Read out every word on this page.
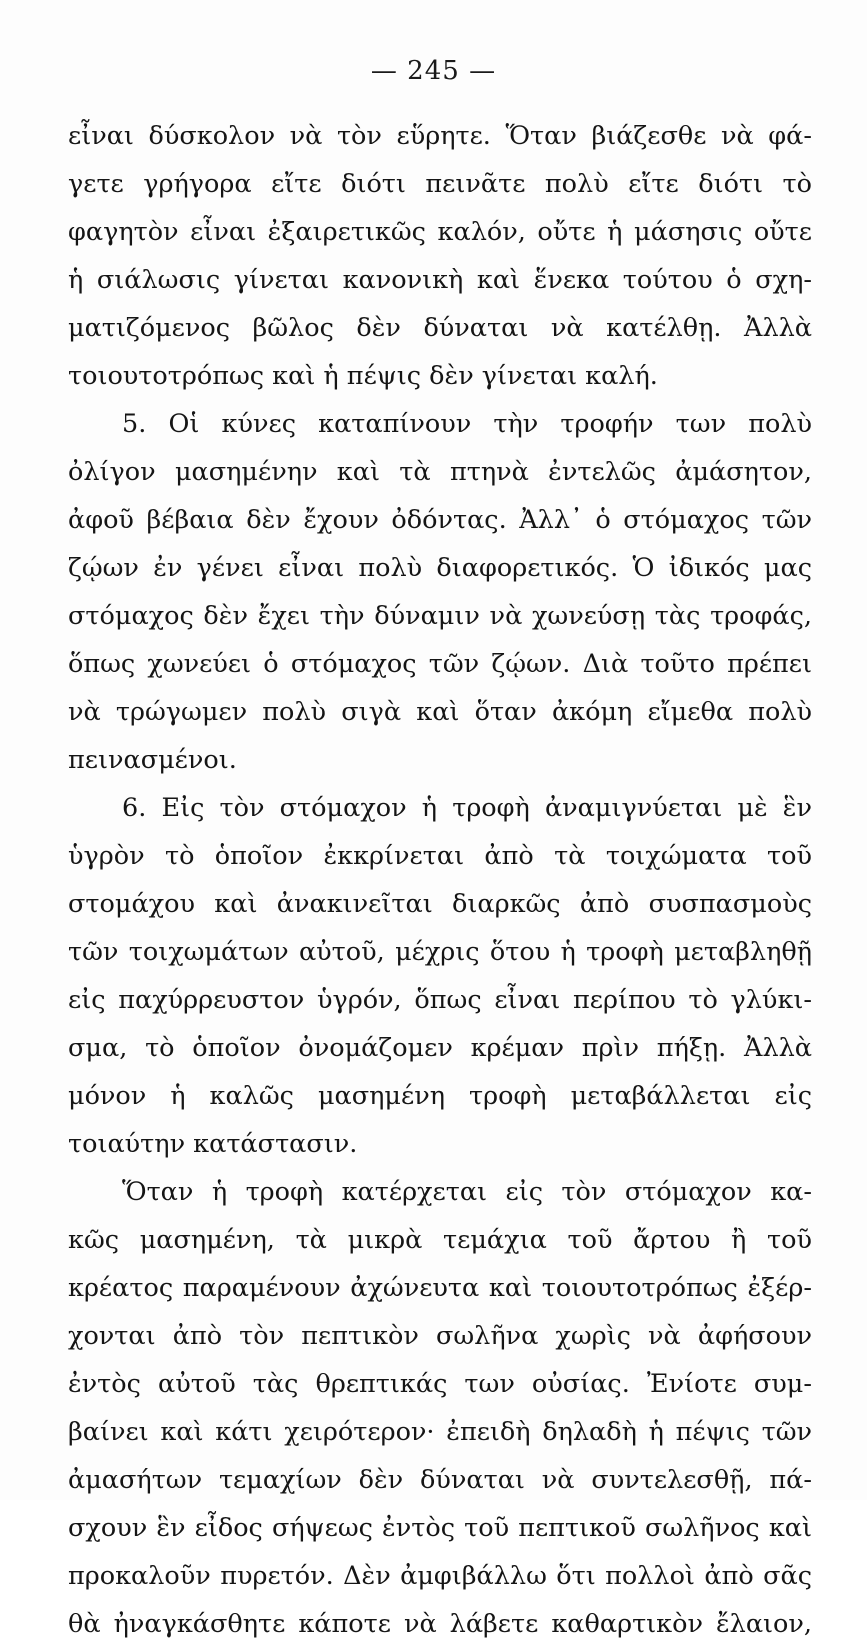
— 245 —
εἶναι δύσκολον νὰ τὸν εὕρητε. Ὅταν βιάζεσθε νὰ φά-
γετε γρήγορα εἴτε διότι πεινᾶτε πολὺ εἴτε διότι τὸ
φαγητὸν εἶναι ἐξαιρετικῶς καλόν, οὔτε ἡ μάσησις οὔτε
ἡ σιάλωσις γίνεται κανονικὴ καὶ ἕνεκα τούτου ὁ σχη-
ματιζόμενος βῶλος δὲν δύναται νὰ κατέλθῃ. Ἀλλὰ
τοιουτοτρόπως καὶ ἡ πέψις δὲν γίνεται καλή.
5. Οἱ κύνες καταπίνουν τὴν τροφήν των πολὺ
ὀλίγον μασημένην καὶ τὰ πτηνὰ ἐντελῶς ἀμάσητον,
ἀφοῦ βέβαια δὲν ἔχουν ὀδόντας. Ἀλλ᾽ ὁ στόμαχος τῶν
ζῴων ἐν γένει εἶναι πολὺ διαφορετικός. Ὁ ἰδικός μας
στόμαχος δὲν ἔχει τὴν δύναμιν νὰ χωνεύσῃ τὰς τροφάς,
ὅπως χωνεύει ὁ στόμαχος τῶν ζῴων. Διὰ τοῦτο πρέπει
νὰ τρώγωμεν πολὺ σιγὰ καὶ ὅταν ἀκόμη εἴμεθα πολὺ
πεινασμένοι.
6. Εἰς τὸν στόμαχον ἡ τροφὴ ἀναμιγνύεται μὲ ἓν
ὑγρὸν τὸ ὁποῖον ἐκκρίνεται ἀπὸ τὰ τοιχώματα τοῦ
στομάχου καὶ ἀνακινεῖται διαρκῶς ἀπὸ συσπασμοὺς
τῶν τοιχωμάτων αὐτοῦ, μέχρις ὅτου ἡ τροφὴ μεταβληθῇ
εἰς παχύρρευστον ὑγρόν, ὅπως εἶναι περίπου τὸ γλύκι-
σμα, τὸ ὁποῖον ὀνομάζομεν κρέμαν πρὶν πήξῃ. Ἀλλὰ
μόνον ἡ καλῶς μασημένη τροφὴ μεταβάλλεται εἰς
τοιαύτην κατάστασιν.
Ὅταν ἡ τροφὴ κατέρχεται εἰς τὸν στόμαχον κα-
κῶς μασημένη, τὰ μικρὰ τεμάχια τοῦ ἄρτου ἢ τοῦ
κρέατος παραμένουν ἀχώνευτα καὶ τοιουτοτρόπως ἐξέρ-
χονται ἀπὸ τὸν πεπτικὸν σωλῆνα χωρὶς νὰ ἀφήσουν
ἐντὸς αὐτοῦ τὰς θρεπτικάς των οὐσίας. Ἐνίοτε συμ-
βαίνει καὶ κάτι χειρότερον· ἐπειδὴ δηλαδὴ ἡ πέψις τῶν
ἀμασήτων τεμαχίων δὲν δύναται νὰ συντελεσθῇ, πά-
σχουν ἓν εἶδος σήψεως ἐντὸς τοῦ πεπτικοῦ σωλῆνος καὶ
προκαλοῦν πυρετόν. Δὲν ἀμφιβάλλω ὅτι πολλοὶ ἀπὸ σᾶς
θὰ ἠναγκάσθητε κάποτε νὰ λάβετε καθαρτικὸν ἔλαιον,
